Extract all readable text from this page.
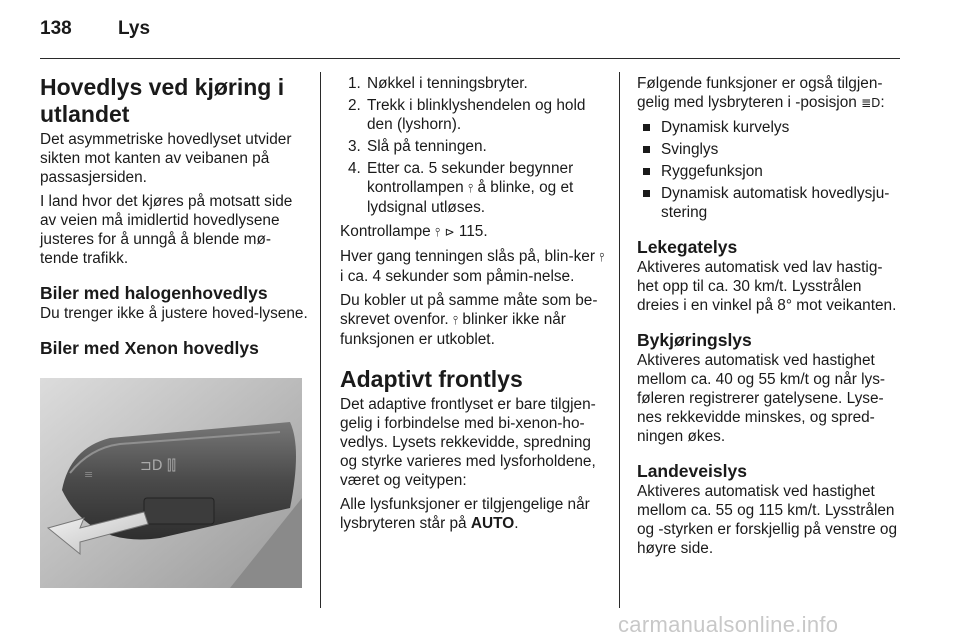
138 Lys
Hovedlys ved kjøring i utlandet

Det asymmetriske hovedlyset utvider sikten mot kanten av veibanen på passasjersiden.

I land hvor det kjøres på motsatt side av veien må imidlertid hovedlysene justeres for å unngå å blende mø-tende trafikk.

Biler med halogenhovedlys

Du trenger ikke å justere hoved-lysene.

Biler med Xenon hovedlys
⊐D ⫿⫿
≡
1. Nøkkel i tenningsbryter.
2. Trekk i blinklyshendelen og hold den (lyshorn).
3. Slå på tenningen.
4. Etter ca. 5 sekunder begynner kontrollampen ⫯ å blinke, og et lydsignal utløses.

Kontrollampe ⫯ ⊳ 115.

Hver gang tenningen slås på, blin-ker ⫯ i ca. 4 sekunder som påmin-nelse.

Du kobler ut på samme måte som be-skrevet ovenfor. ⫯ blinker ikke når funksjonen er utkoblet.

Adaptivt frontlys

Det adaptive frontlyset er bare tilgjen-gelig i forbindelse med bi-xenon-ho-vedlys. Lysets rekkevidde, spredning og styrke varieres med lysforholdene, været og veitypen:

Alle lysfunksjoner er tilgjengelige når lysbryteren står på AUTO.

Følgende funksjoner er også tilgjen-gelig med lysbryteren i -posisjon ≣D:

Dynamisk kurvelys
Svinglys
Ryggefunksjon
Dynamisk automatisk hovedlysju-stering
Lekegatelys

Aktiveres automatisk ved lav hastig-het opp til ca. 30 km/t. Lysstrålen dreies i en vinkel på 8° mot veikanten.

Bykjøringslys

Aktiveres automatisk ved hastighet mellom ca. 40 og 55 km/t og når lys-føleren registrerer gatelysene. Lyse-nes rekkevidde minskes, og spred-ningen økes.

Landeveislys

Aktiveres automatisk ved hastighet mellom ca. 55 og 115 km/t. Lysstrålen og -styrken er forskjellig på venstre og høyre side.

carmanualsonline.info
